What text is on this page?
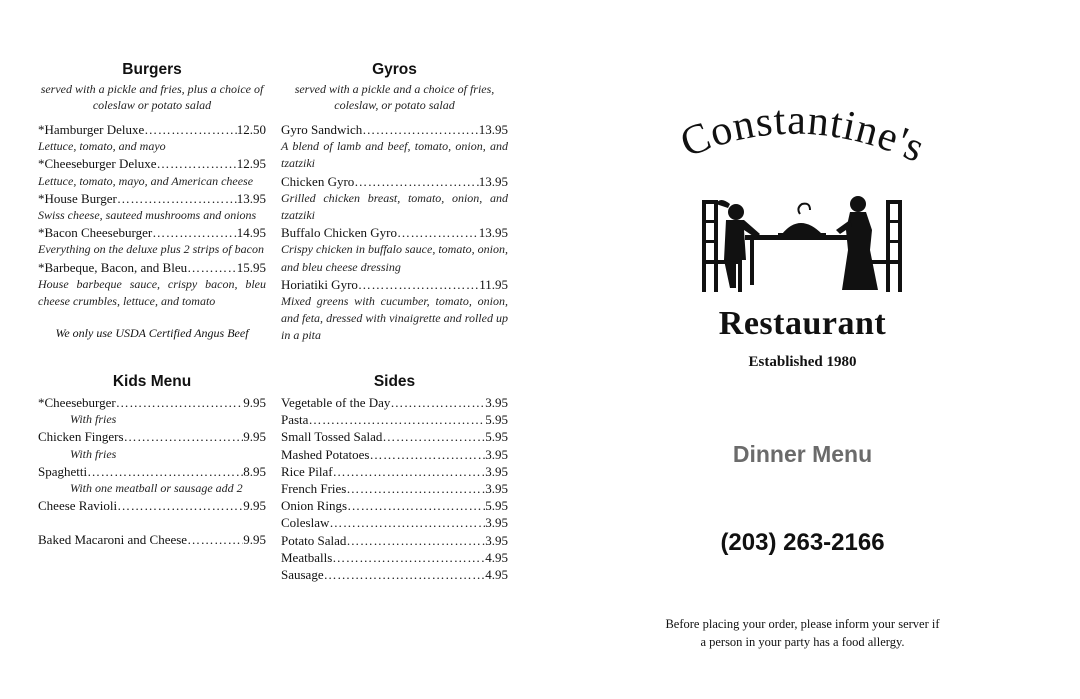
Burgers

served with a pickle and fries, plus a choice of coleslaw or potato salad

*Hamburger Deluxe ……………………………………………………………………………………………	12.50
Lettuce, tomato, and mayo
*Cheeseburger Deluxe ……………………………………………………………………………………………	12.95
Lettuce, tomato, mayo, and American cheese
*House Burger ……………………………………………………………………………………………	13.95
Swiss cheese, sauteed mushrooms and onions
*Bacon Cheeseburger ……………………………………………………………………………………………	14.95
Everything on the deluxe plus 2 strips of bacon
*Barbeque, Bacon, and Bleu ……………………………………………………………………………………………	15.95
House barbeque sauce, crispy bacon, bleu cheese crumbles, lettuce, and tomato
We only use USDA Certified Angus Beef
Gyros

served with a pickle and a choice of fries, coleslaw, or potato salad

Gyro Sandwich ……………………………………………………………………………………………	13.95
A blend of lamb and beef, tomato, onion, and tzatziki
Chicken Gyro ……………………………………………………………………………………………	13.95
Grilled chicken breast, tomato, onion, and tzatziki
Buffalo Chicken Gyro ……………………………………………………………………………………………	13.95
Crispy chicken in buffalo sauce, tomato, onion, and bleu cheese dressing
Horiatiki Gyro ……………………………………………………………………………………………	11.95
Mixed greens with cucumber, tomato, onion, and feta, dressed with vinaigrette and rolled up in a pita
Kids Menu
*Cheeseburger ……………………………………………………………………………………………	9.95
With fries
Chicken Fingers ……………………………………………………………………………………………	9.95
With fries
Spaghetti ……………………………………………………………………………………………	8.95
With one meatball or sausage add 2
Cheese Ravioli ……………………………………………………………………………………………	9.95
Baked Macaroni and Cheese ……………………………………………………………………………………………	9.95
Sides
Vegetable of the Day ……………………………………………………………………………………………	3.95
Pasta ……………………………………………………………………………………………	5.95
Small Tossed Salad ……………………………………………………………………………………………	5.95
Mashed Potatoes ……………………………………………………………………………………………	3.95
Rice Pilaf ……………………………………………………………………………………………	3.95
French Fries ……………………………………………………………………………………………	3.95
Onion Rings ……………………………………………………………………………………………	5.95
Coleslaw ……………………………………………………………………………………………	3.95
Potato Salad ……………………………………………………………………………………………	3.95
Meatballs ……………………………………………………………………………………………	4.95
Sausage ……………………………………………………………………………………………	4.95
Constantine's
Restaurant
Established 1980
Dinner Menu
(203) 263-2166
Before placing your order, please inform your server if
a person in your party has a food allergy.
